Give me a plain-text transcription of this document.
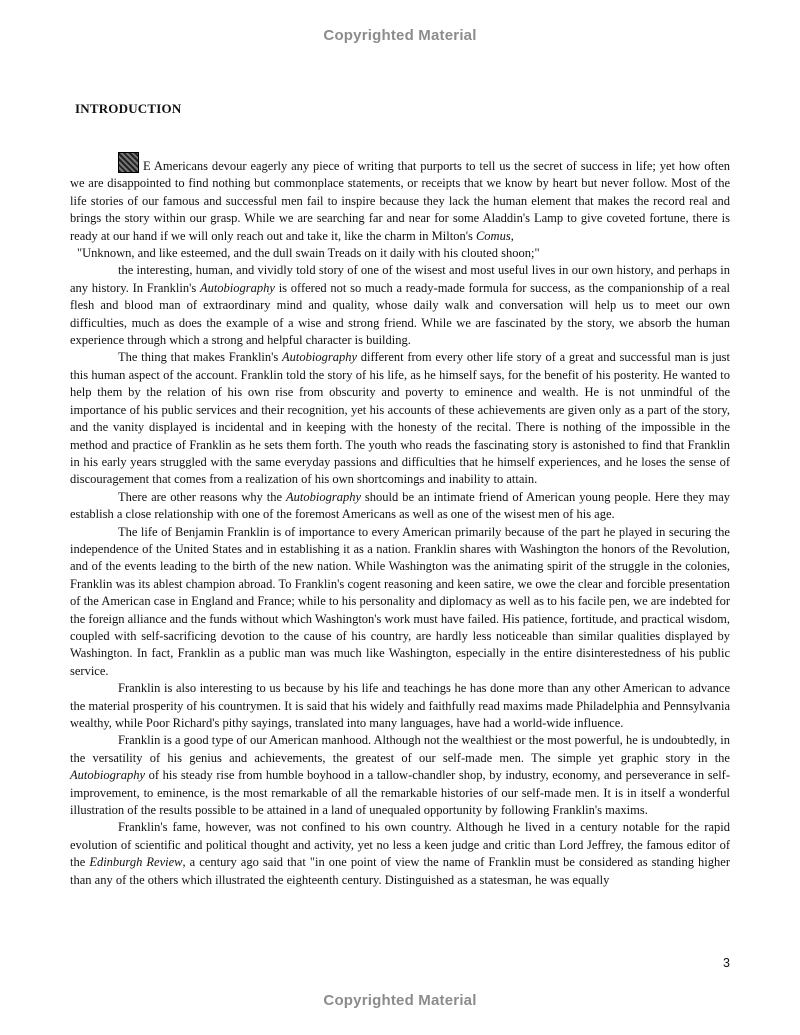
Copyrighted Material
INTRODUCTION

E Americans devour eagerly any piece of writing that purports to tell us the secret of success in life; yet how often we are disappointed to find nothing but commonplace statements, or receipts that we know by heart but never follow. Most of the life stories of our famous and successful men fail to inspire because they lack the human element that makes the record real and brings the story within our grasp. While we are searching far and near for some Aladdin's Lamp to give coveted fortune, there is ready at our hand if we will only reach out and take it, like the charm in Milton's Comus,

"Unknown, and like esteemed, and the dull swain Treads on it daily with his clouted shoon;"

the interesting, human, and vividly told story of one of the wisest and most useful lives in our own history, and perhaps in any history. In Franklin's Autobiography is offered not so much a ready-made formula for success, as the companionship of a real flesh and blood man of extraordinary mind and quality, whose daily walk and conversation will help us to meet our own difficulties, much as does the example of a wise and strong friend. While we are fascinated by the story, we absorb the human experience through which a strong and helpful character is building.

The thing that makes Franklin's Autobiography different from every other life story of a great and successful man is just this human aspect of the account. Franklin told the story of his life, as he himself says, for the benefit of his posterity. He wanted to help them by the relation of his own rise from obscurity and poverty to eminence and wealth. He is not unmindful of the importance of his public services and their recognition, yet his accounts of these achievements are given only as a part of the story, and the vanity displayed is incidental and in keeping with the honesty of the recital. There is nothing of the impossible in the method and practice of Franklin as he sets them forth. The youth who reads the fascinating story is astonished to find that Franklin in his early years struggled with the same everyday passions and difficulties that he himself experiences, and he loses the sense of discouragement that comes from a realization of his own shortcomings and inability to attain.

There are other reasons why the Autobiography should be an intimate friend of American young people. Here they may establish a close relationship with one of the foremost Americans as well as one of the wisest men of his age.

The life of Benjamin Franklin is of importance to every American primarily because of the part he played in securing the independence of the United States and in establishing it as a nation. Franklin shares with Washington the honors of the Revolution, and of the events leading to the birth of the new nation. While Washington was the animating spirit of the struggle in the colonies, Franklin was its ablest champion abroad. To Franklin's cogent reasoning and keen satire, we owe the clear and forcible presentation of the American case in England and France; while to his personality and diplomacy as well as to his facile pen, we are indebted for the foreign alliance and the funds without which Washington's work must have failed. His patience, fortitude, and practical wisdom, coupled with self-sacrificing devotion to the cause of his country, are hardly less noticeable than similar qualities displayed by Washington. In fact, Franklin as a public man was much like Washington, especially in the entire disinterestedness of his public service.

Franklin is also interesting to us because by his life and teachings he has done more than any other American to advance the material prosperity of his countrymen. It is said that his widely and faithfully read maxims made Philadelphia and Pennsylvania wealthy, while Poor Richard's pithy sayings, translated into many languages, have had a world-wide influence.

Franklin is a good type of our American manhood. Although not the wealthiest or the most powerful, he is undoubtedly, in the versatility of his genius and achievements, the greatest of our self-made men. The simple yet graphic story in the Autobiography of his steady rise from humble boyhood in a tallow-chandler shop, by industry, economy, and perseverance in self-improvement, to eminence, is the most remarkable of all the remarkable histories of our self-made men. It is in itself a wonderful illustration of the results possible to be attained in a land of unequaled opportunity by following Franklin's maxims.

Franklin's fame, however, was not confined to his own country. Although he lived in a century notable for the rapid evolution of scientific and political thought and activity, yet no less a keen judge and critic than Lord Jeffrey, the famous editor of the Edinburgh Review, a century ago said that "in one point of view the name of Franklin must be considered as standing higher than any of the others which illustrated the eighteenth century. Distinguished as a statesman, he was equally

3
Copyrighted Material
